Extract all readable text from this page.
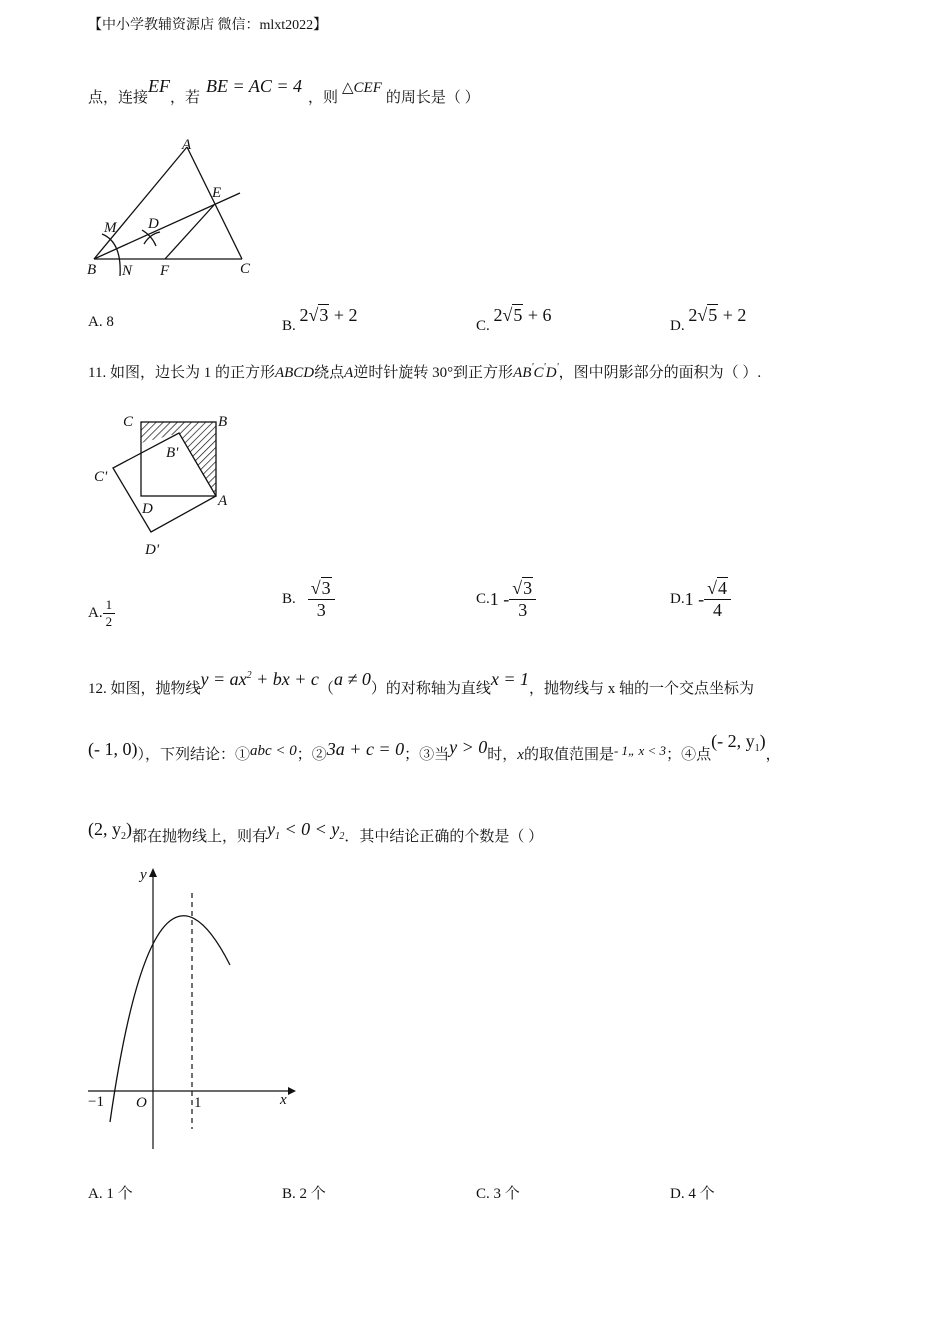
【中小学教辅资源店 微信：mlxt2022】
点，连接EF，若BE = AC = 4，则△CEF的周长是（ ）
A
E
M D
B N F	C
A. 8	B. 2√3 + 2
C. 2√5 + 6
D. 2√5 + 2
11. 如图，边长为 1 的正方形ABCD绕点A逆时针旋转 30°到正方形AB'C'D'，图中阴影部分的面积为（ ）.
C	B
B'
C'
D	A
D'
A. $\frac{1}{2}$	B. $\frac{√3}{3}$	C. $1 - \frac{√3}{3}$	D. $1 - \frac{√4}{4}$
12. 如图，抛物线$y = ax^2$ + bx + c（a ≠ 0）的对称轴为直线x = 1，抛物线与 x 轴的一个交点坐标为
(- 1, 0)），下列结论：①abc < 0；②3a + c = 0；③当y > 0时，x的取值范围是- 1„ x < 3；④点(- 2, $y_1$)，
(2, $y_2$)都在抛物线上，则有$y_1 < 0 < y_2$．其中结论正确的个数是（ ）
y
x
−1 O	1
A. 1 个	B. 2 个	C. 3 个	D. 4 个
